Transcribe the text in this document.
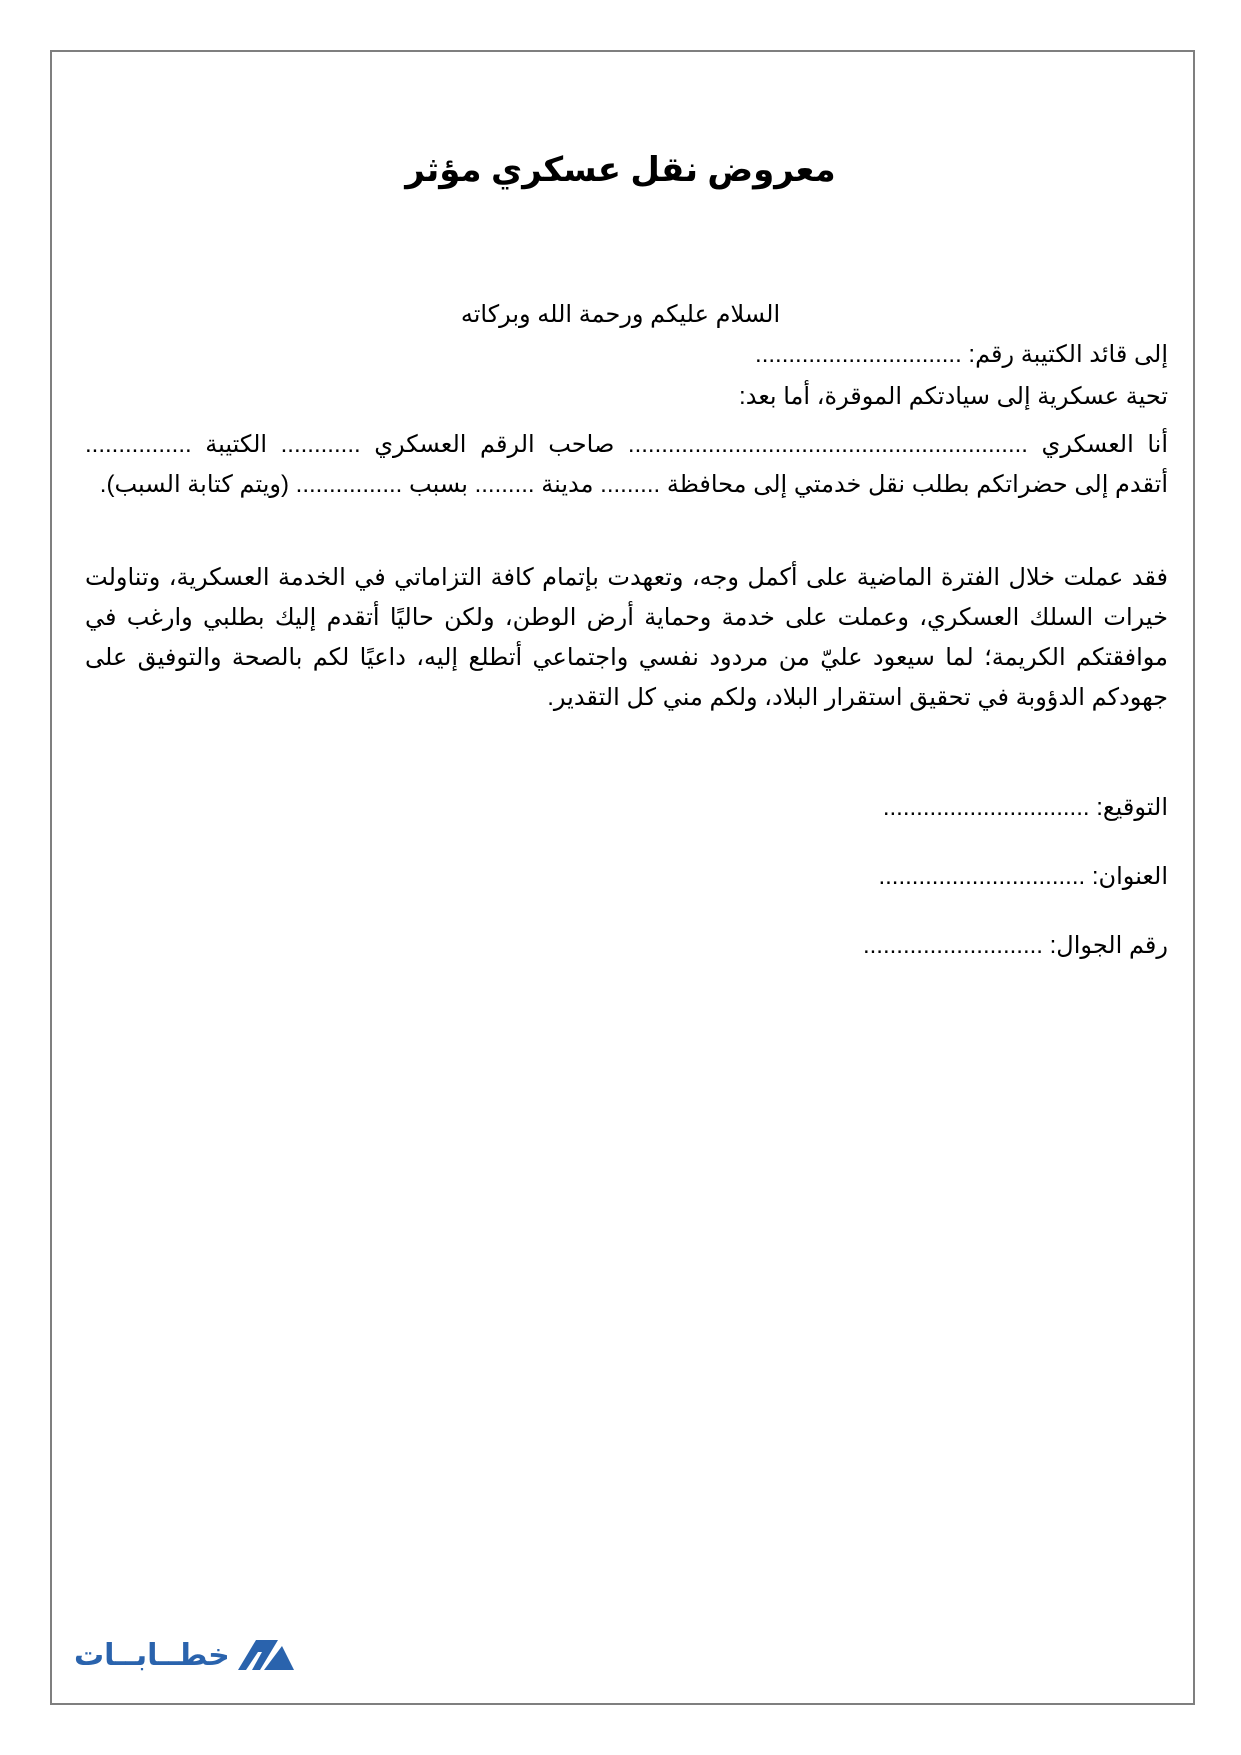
معروض نقل عسكري مؤثر
السلام عليكم ورحمة الله وبركاته
إلى قائد الكتيبة رقم: ...............................
تحية عسكرية إلى سيادتكم الموقرة، أما بعد:
أنا العسكري ............................................................ صاحب الرقم العسكري ............ الكتيبة ................ أتقدم إلى حضراتكم بطلب نقل خدمتي إلى محافظة ......... مدينة ......... بسبب ................ (ويتم كتابة السبب).
فقد عملت خلال الفترة الماضية على أكمل وجه، وتعهدت بإتمام كافة التزاماتي في الخدمة العسكرية، وتناولت خيرات السلك العسكري، وعملت على خدمة وحماية أرض الوطن، ولكن حاليًا أتقدم إليك بطلبي وارغب في موافقتكم الكريمة؛ لما سيعود عليّ من مردود نفسي واجتماعي أتطلع إليه، داعيًا لكم بالصحة والتوفيق على جهودكم الدؤوبة في تحقيق استقرار البلاد، ولكم مني كل التقدير.
التوقيع: ...............................
العنوان: ...............................
رقم الجوال: ...........................
خطــابــات
